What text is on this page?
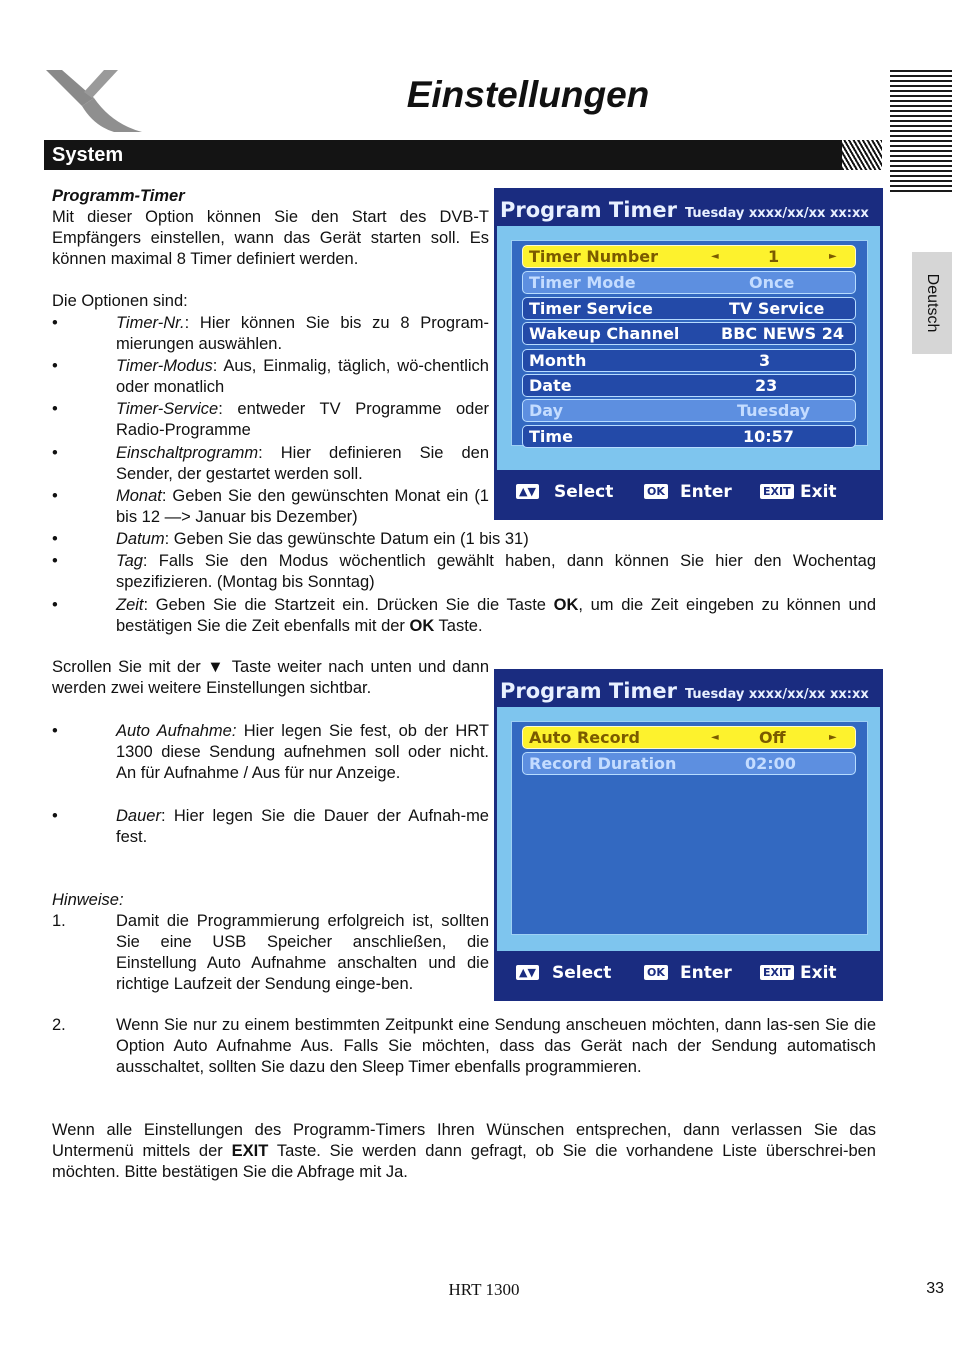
Einstellungen
Deutsch
System
Programm-Timer
Mit dieser Option können Sie den Start des DVB-T Empfängers einstellen, wann das Gerät starten soll. Es können maximal 8 Timer definiert werden.
Die Optionen sind:
•	Timer-Nr.: Hier können Sie bis zu 8 Program-mierungen auswählen.
•	Timer-Modus: Aus, Einmalig, täglich, wö-chentlich oder monatlich
•	Timer-Service: entweder TV Programme oder Radio-Programme
•	Einschaltprogramm: Hier definieren Sie den Sender, der gestartet werden soll.
•	Monat: Geben Sie den gewünschten Monat ein (1 bis 12 —> Januar bis Dezember)
•	Datum: Geben Sie das gewünschte Datum ein (1 bis 31)
•	Tag: Falls Sie den Modus wöchentlich gewählt haben, dann können Sie hier den Wochentag spezifizieren. (Montag bis Sonntag)
•	Zeit: Geben Sie die Startzeit ein. Drücken Sie die Taste OK, um die Zeit eingeben zu können und bestätigen Sie die Zeit ebenfalls mit der OK Taste.
Scrollen Sie mit der ▼ Taste weiter nach unten und dann werden zwei weitere Einstellungen sichtbar.
•	Auto Aufnahme: Hier legen Sie fest, ob der HRT 1300 diese Sendung aufnehmen soll oder nicht. An für Aufnahme / Aus für nur Anzeige.
•	Dauer: Hier legen Sie die Dauer der Aufnah-me fest.
Hinweise:
1.	Damit die Programmierung erfolgreich ist, sollten Sie eine USB Speicher anschließen, die Einstellung Auto Aufnahme anschalten und die richtige Laufzeit der Sendung einge-ben.
2.	Wenn Sie nur zu einem bestimmten Zeitpunkt eine Sendung anscheuen möchten, dann las-sen Sie die Option Auto Aufnahme Aus. Falls Sie möchten, dass das Gerät nach der Sendung automatisch ausschaltet, sollten Sie dazu den Sleep Timer ebenfalls programmieren.
Wenn alle Einstellungen des Programm-Timers Ihren Wünschen entsprechen, dann verlassen Sie das Untermenü mittels der EXIT Taste. Sie werden dann gefragt, ob Sie die vorhandene Liste überschrei-ben möchten. Bitte bestätigen Sie die Abfrage mit Ja.
Program Timer Tuesday xxxx/xx/xx xx:xx
Timer Number	◄	1	►
Timer Mode	Once
Timer Service	TV Service
Wakeup Channel	BBC NEWS 24
Month	3
Date	23
Day	Tuesday
Time	10:57
▲▼ Select	OK Enter	EXIT Exit
Program Timer Tuesday xxxx/xx/xx xx:xx
Auto Record	◄	Off	►
Record Duration	02:00
▲▼ Select	OK Enter	EXIT Exit
HRT 1300	33
